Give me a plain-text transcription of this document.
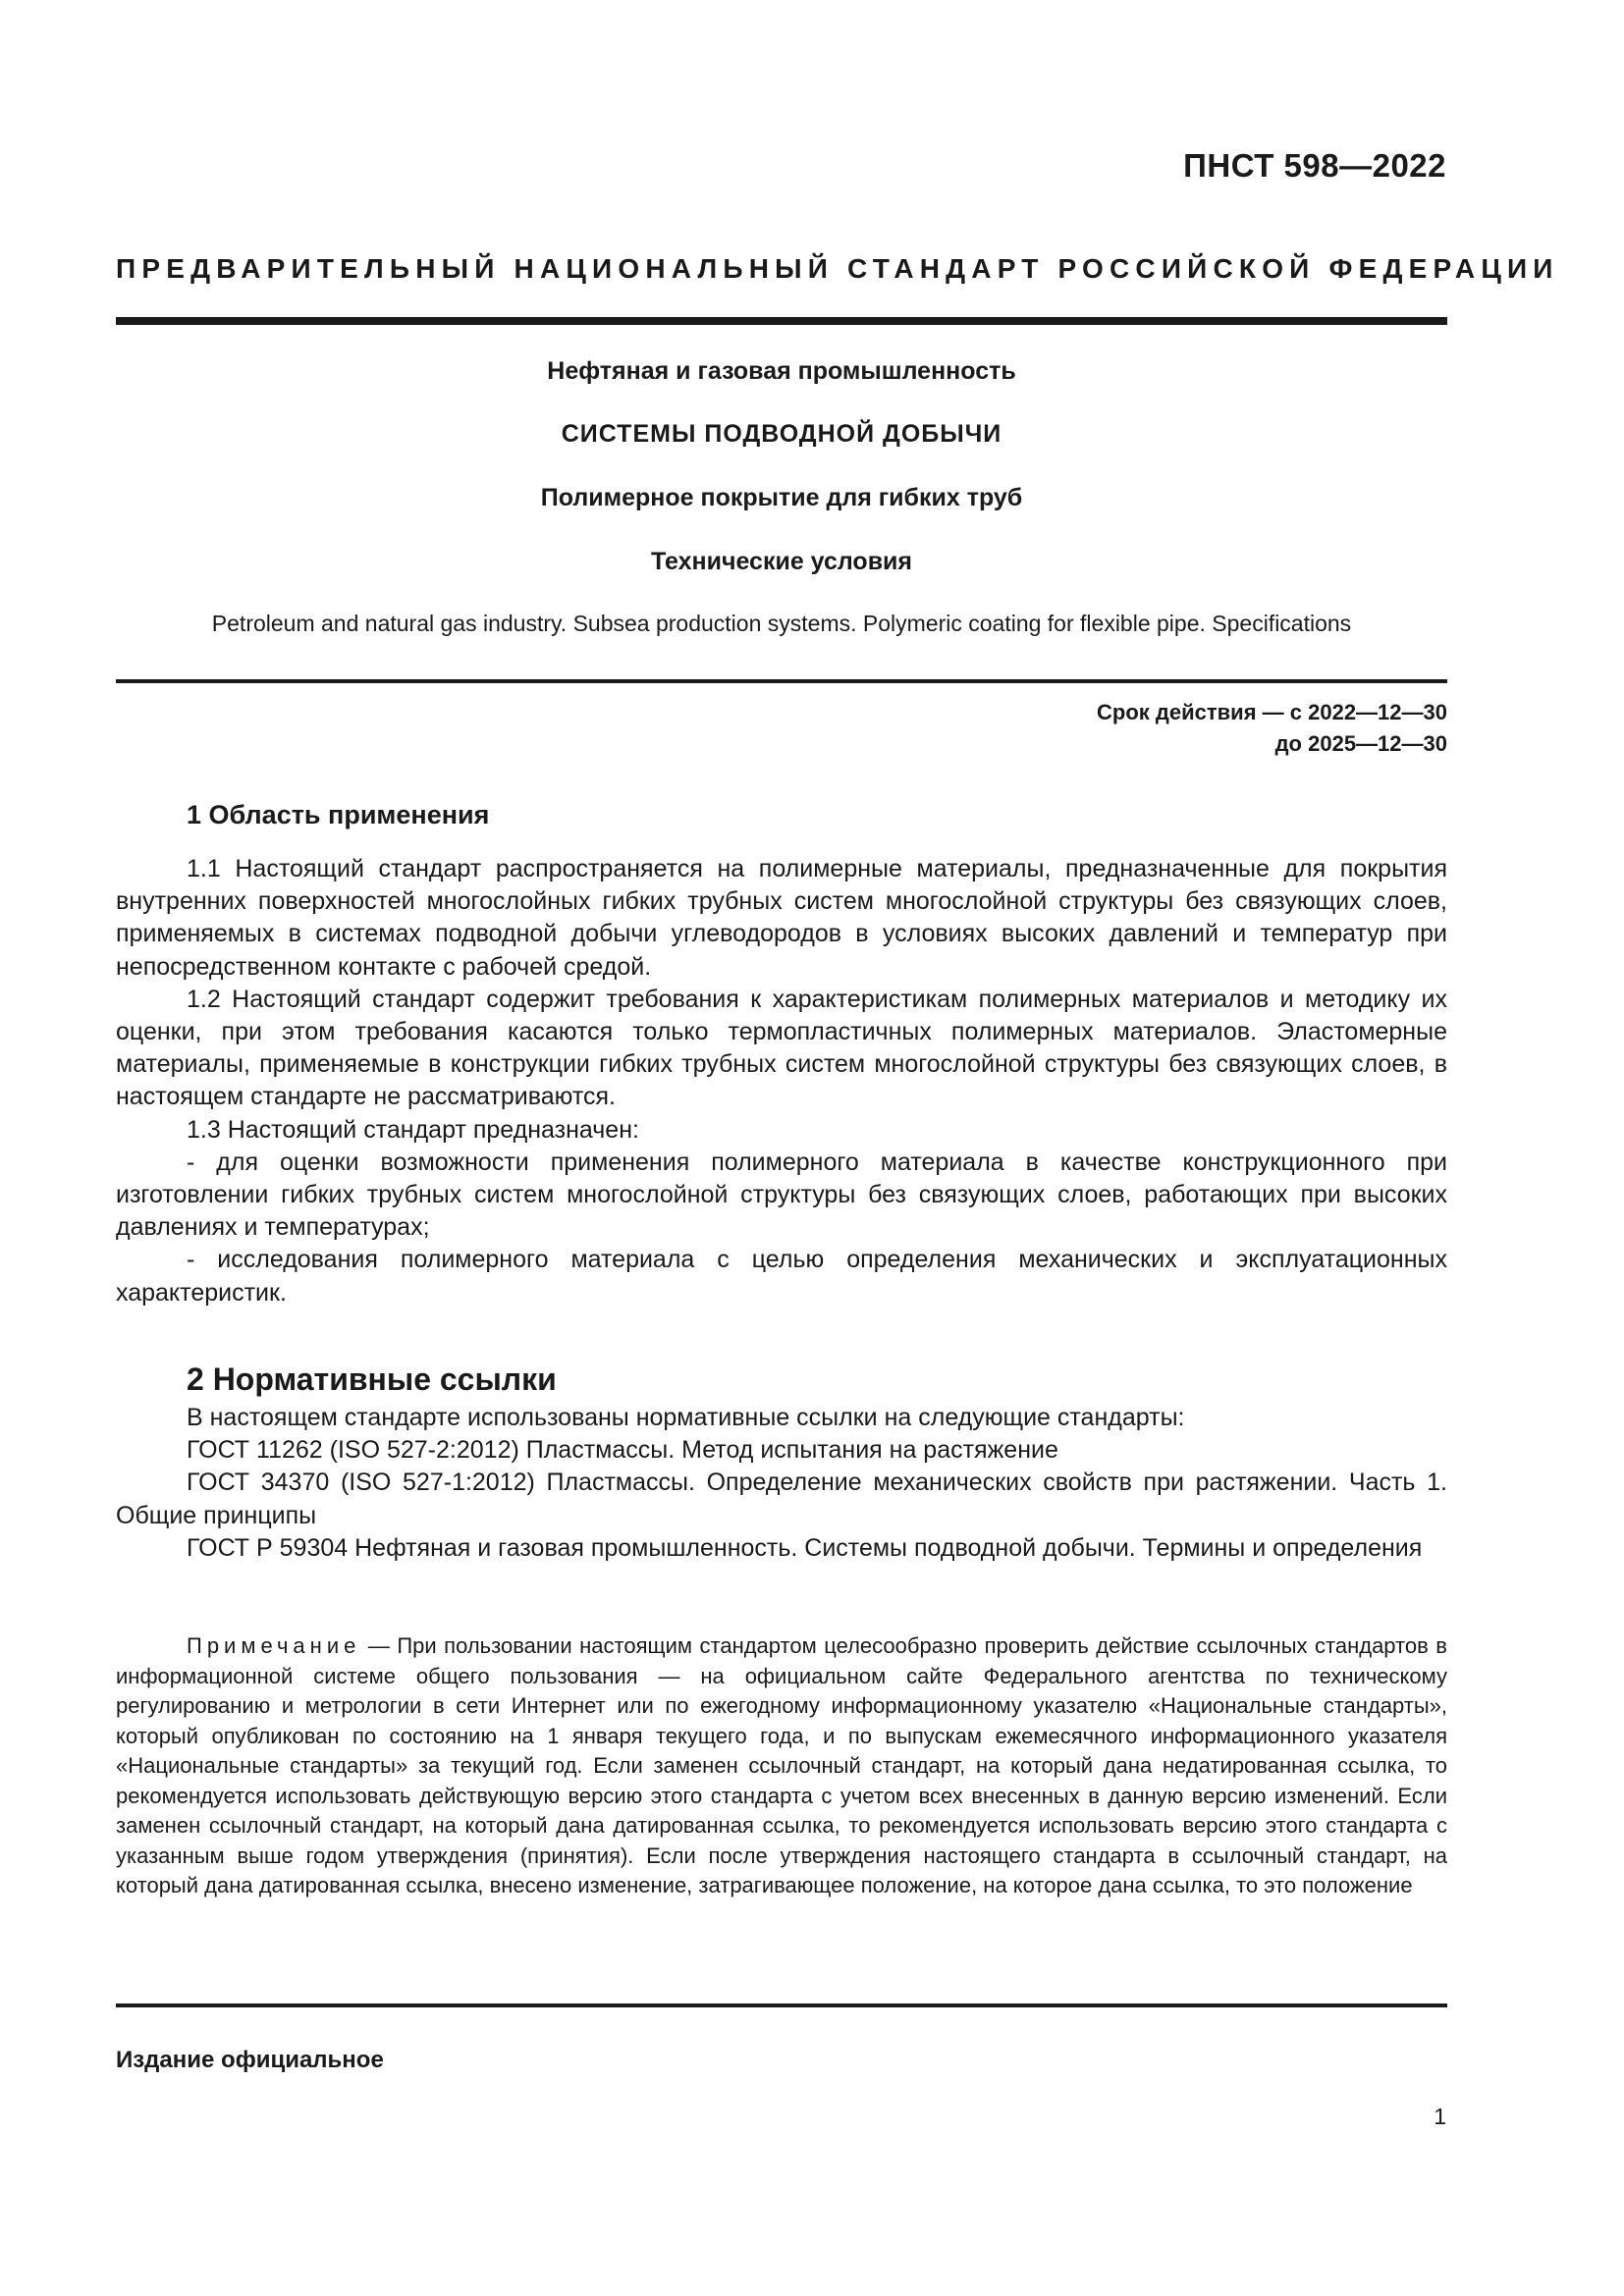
ПНСТ 598—2022
ПРЕДВАРИТЕЛЬНЫЙ НАЦИОНАЛЬНЫЙ СТАНДАРТ РОССИЙСКОЙ ФЕДЕРАЦИИ
Нефтяная и газовая промышленность
СИСТЕМЫ ПОДВОДНОЙ ДОБЫЧИ
Полимерное покрытие для гибких труб
Технические условия
Petroleum and natural gas industry. Subsea production systems. Polymeric coating for flexible pipe. Specifications
Срок действия — с 2022—12—30
до 2025—12—30
1 Область применения

1.1 Настоящий стандарт распространяется на полимерные материалы, предназначенные для покрытия внутренних поверхностей многослойных гибких трубных систем многослойной структуры без связующих слоев, применяемых в системах подводной добычи углеводородов в условиях высоких давлений и температур при непосредственном контакте с рабочей средой.

1.2 Настоящий стандарт содержит требования к характеристикам полимерных материалов и методику их оценки, при этом требования касаются только термопластичных полимерных материалов. Эластомерные материалы, применяемые в конструкции гибких трубных систем многослойной структуры без связующих слоев, в настоящем стандарте не рассматриваются.

1.3 Настоящий стандарт предназначен:

- для оценки возможности применения полимерного материала в качестве конструкционного при изготовлении гибких трубных систем многослойной структуры без связующих слоев, работающих при высоких давлениях и температурах;

- исследования полимерного материала с целью определения механических и эксплуатационных характеристик.

2 Нормативные ссылки

В настоящем стандарте использованы нормативные ссылки на следующие стандарты:

ГОСТ 11262 (ISO 527-2:2012) Пластмассы. Метод испытания на растяжение

ГОСТ 34370 (ISO 527-1:2012) Пластмассы. Определение механических свойств при растяжении. Часть 1. Общие принципы

ГОСТ Р 59304 Нефтяная и газовая промышленность. Системы подводной добычи. Термины и определения

Примечание — При пользовании настоящим стандартом целесообразно проверить действие ссылочных стандартов в информационной системе общего пользования — на официальном сайте Федерального агентства по техническому регулированию и метрологии в сети Интернет или по ежегодному информационному указателю «Национальные стандарты», который опубликован по состоянию на 1 января текущего года, и по выпускам ежемесячного информационного указателя «Национальные стандарты» за текущий год. Если заменен ссылочный стандарт, на который дана недатированная ссылка, то рекомендуется использовать действующую версию этого стандарта с учетом всех внесенных в данную версию изменений. Если заменен ссылочный стандарт, на который дана датированная ссылка, то рекомендуется использовать версию этого стандарта с указанным выше годом утверждения (принятия). Если после утверждения настоящего стандарта в ссылочный стандарт, на который дана датированная ссылка, внесено изменение, затрагивающее положение, на которое дана ссылка, то это положение
Издание официальное
1
